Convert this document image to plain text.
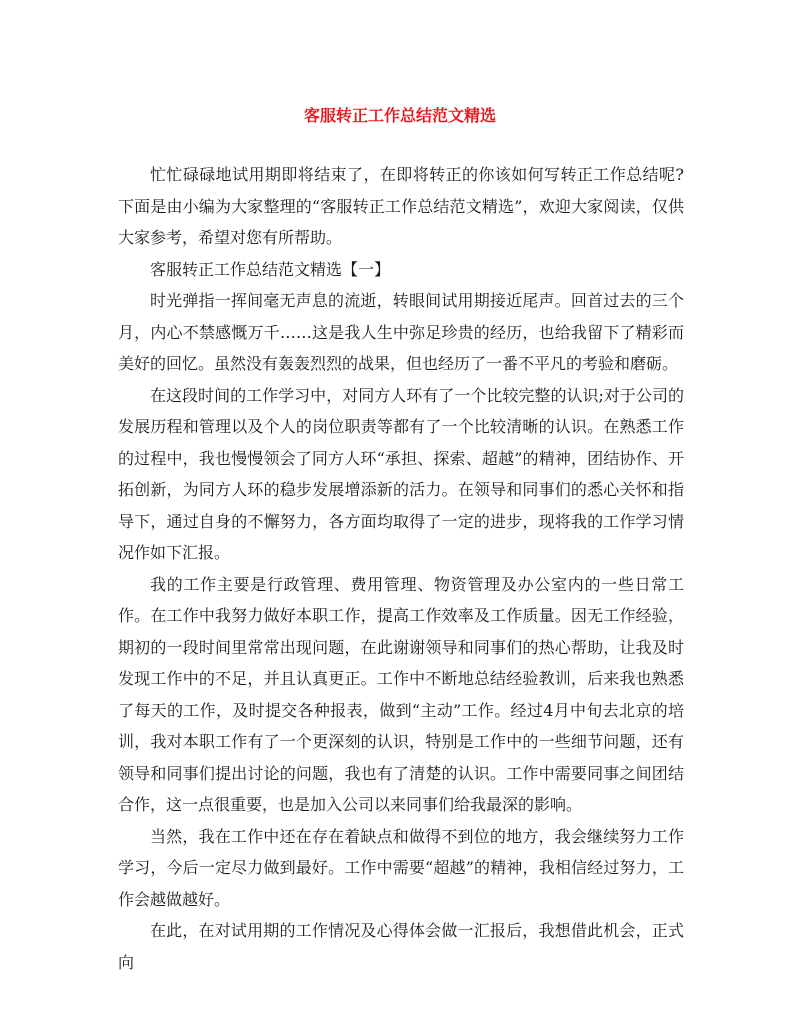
客服转正工作总结范文精选

忙忙碌碌地试用期即将结束了，在即将转正的你该如何写转正工作总结呢?下面是由小编为大家整理的“客服转正工作总结范文精选”，欢迎大家阅读，仅供大家参考，希望对您有所帮助。

客服转正工作总结范文精选【一】

时光弹指一挥间毫无声息的流逝，转眼间试用期接近尾声。回首过去的三个月，内心不禁感慨万千……这是我人生中弥足珍贵的经历，也给我留下了精彩而美好的回忆。虽然没有轰轰烈烈的战果，但也经历了一番不平凡的考验和磨砺。

在这段时间的工作学习中，对同方人环有了一个比较完整的认识;对于公司的发展历程和管理以及个人的岗位职责等都有了一个比较清晰的认识。在熟悉工作的过程中，我也慢慢领会了同方人环“承担、探索、超越”的精神，团结协作、开拓创新，为同方人环的稳步发展增添新的活力。在领导和同事们的悉心关怀和指导下，通过自身的不懈努力，各方面均取得了一定的进步，现将我的工作学习情况作如下汇报。

我的工作主要是行政管理、费用管理、物资管理及办公室内的一些日常工作。在工作中我努力做好本职工作，提高工作效率及工作质量。因无工作经验，期初的一段时间里常常出现问题，在此谢谢领导和同事们的热心帮助，让我及时发现工作中的不足，并且认真更正。工作中不断地总结经验教训，后来我也熟悉了每天的工作，及时提交各种报表，做到“主动”工作。经过4月中旬去北京的培训，我对本职工作有了一个更深刻的认识，特别是工作中的一些细节问题，还有领导和同事们提出讨论的问题，我也有了清楚的认识。工作中需要同事之间团结合作，这一点很重要，也是加入公司以来同事们给我最深的影响。

当然，我在工作中还在存在着缺点和做得不到位的地方，我会继续努力工作学习，今后一定尽力做到最好。工作中需要“超越”的精神，我相信经过努力，工作会越做越好。

在此，在对试用期的工作情况及心得体会做一汇报后，我想借此机会，正式向
